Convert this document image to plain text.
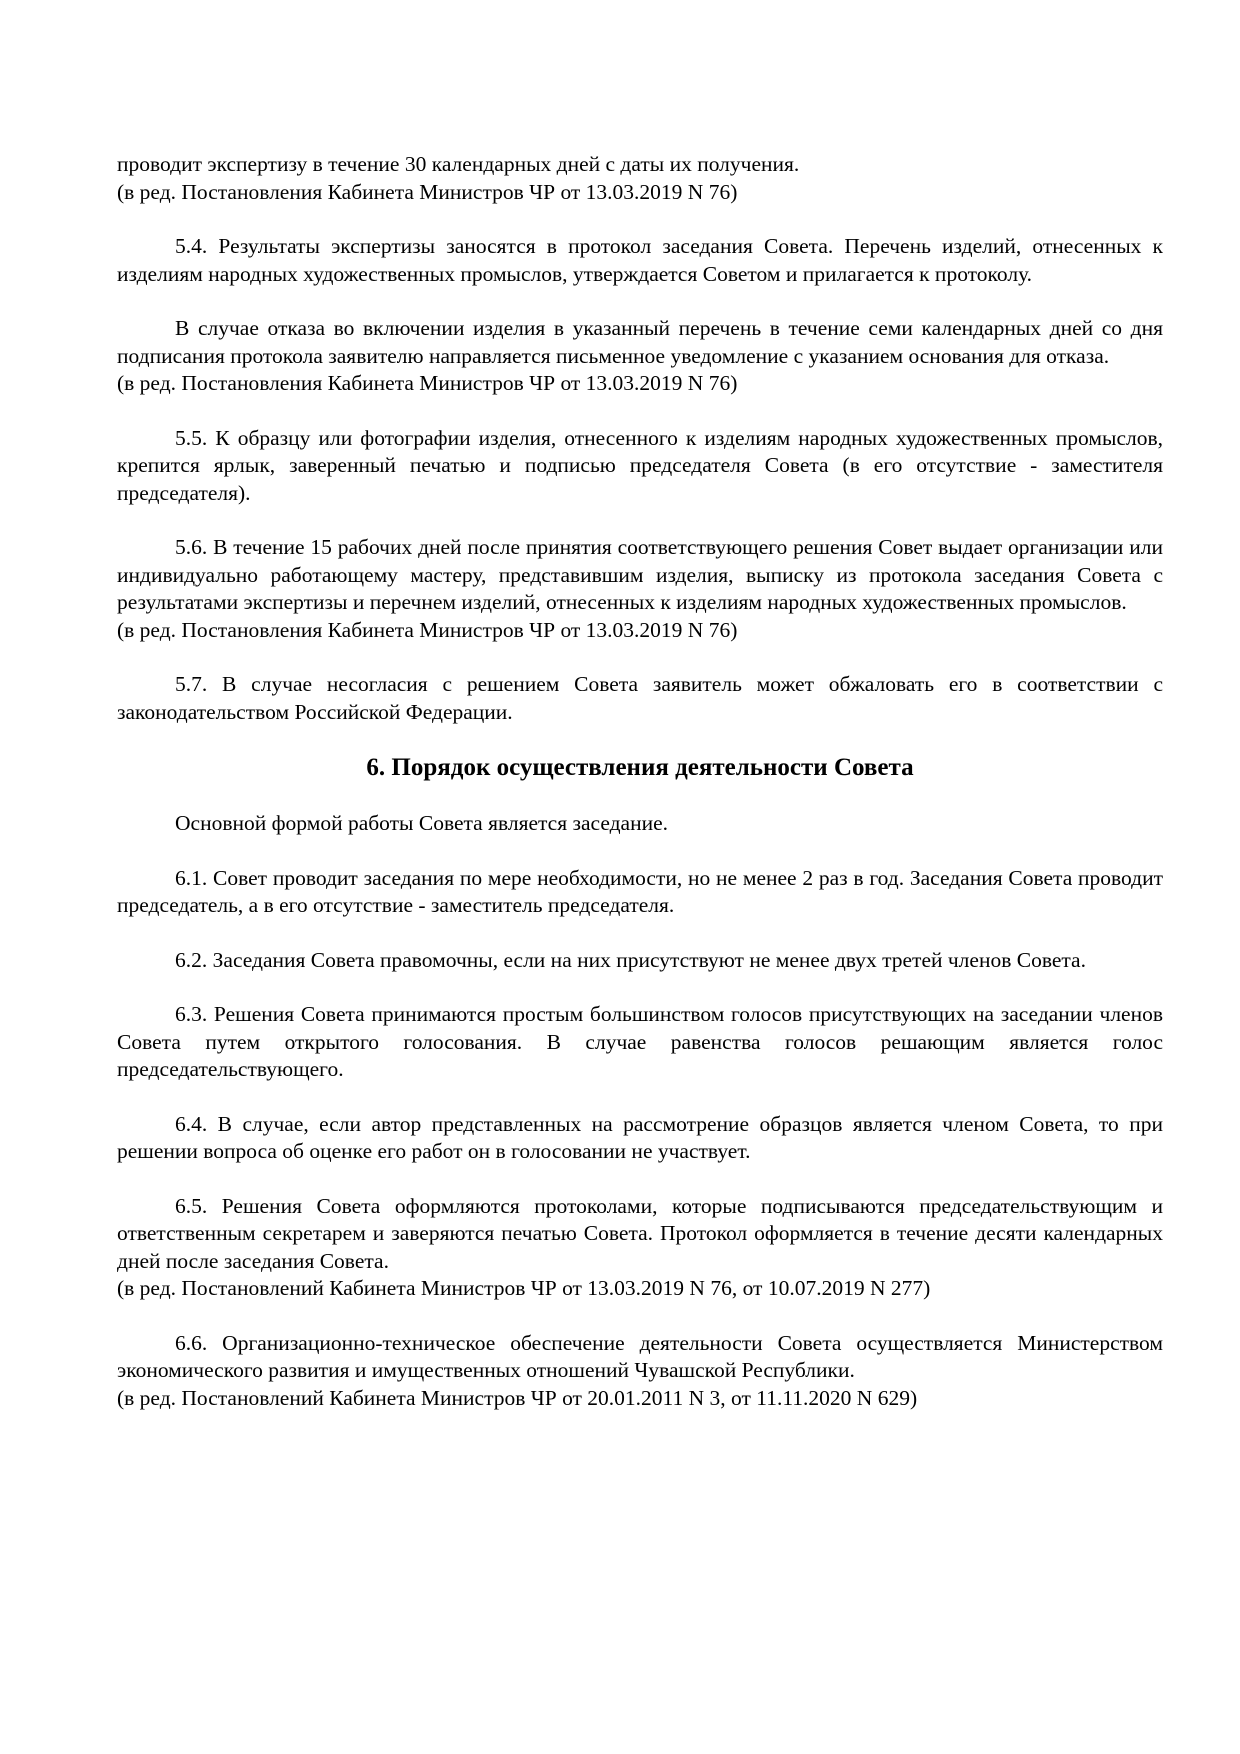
проводит экспертизу в течение 30 календарных дней с даты их получения.
(в ред. Постановления Кабинета Министров ЧР от 13.03.2019 N 76)

5.4. Результаты экспертизы заносятся в протокол заседания Совета. Перечень изделий, отнесенных к изделиям народных художественных промыслов, утверждается Советом и прилагается к протоколу.

В случае отказа во включении изделия в указанный перечень в течение семи календарных дней со дня подписания протокола заявителю направляется письменное уведомление с указанием основания для отказа.
(в ред. Постановления Кабинета Министров ЧР от 13.03.2019 N 76)

5.5. К образцу или фотографии изделия, отнесенного к изделиям народных художественных промыслов, крепится ярлык, заверенный печатью и подписью председателя Совета (в его отсутствие - заместителя председателя).

5.6. В течение 15 рабочих дней после принятия соответствующего решения Совет выдает организации или индивидуально работающему мастеру, представившим изделия, выписку из протокола заседания Совета с результатами экспертизы и перечнем изделий, отнесенных к изделиям народных художественных промыслов.
(в ред. Постановления Кабинета Министров ЧР от 13.03.2019 N 76)

5.7. В случае несогласия с решением Совета заявитель может обжаловать его в соответствии с законодательством Российской Федерации.

6. Порядок осуществления деятельности Совета

Основной формой работы Совета является заседание.

6.1. Совет проводит заседания по мере необходимости, но не менее 2 раз в год. Заседания Совета проводит председатель, а в его отсутствие - заместитель председателя.

6.2. Заседания Совета правомочны, если на них присутствуют не менее двух третей членов Совета.

6.3. Решения Совета принимаются простым большинством голосов присутствующих на заседании членов Совета путем открытого голосования. В случае равенства голосов решающим является голос председательствующего.

6.4. В случае, если автор представленных на рассмотрение образцов является членом Совета, то при решении вопроса об оценке его работ он в голосовании не участвует.

6.5. Решения Совета оформляются протоколами, которые подписываются председательствующим и ответственным секретарем и заверяются печатью Совета. Протокол оформляется в течение десяти календарных дней после заседания Совета.
(в ред. Постановлений Кабинета Министров ЧР от 13.03.2019 N 76, от 10.07.2019 N 277)

6.6. Организационно-техническое обеспечение деятельности Совета осуществляется Министерством экономического развития и имущественных отношений Чувашской Республики.
(в ред. Постановлений Кабинета Министров ЧР от 20.01.2011 N 3, от 11.11.2020 N 629)
